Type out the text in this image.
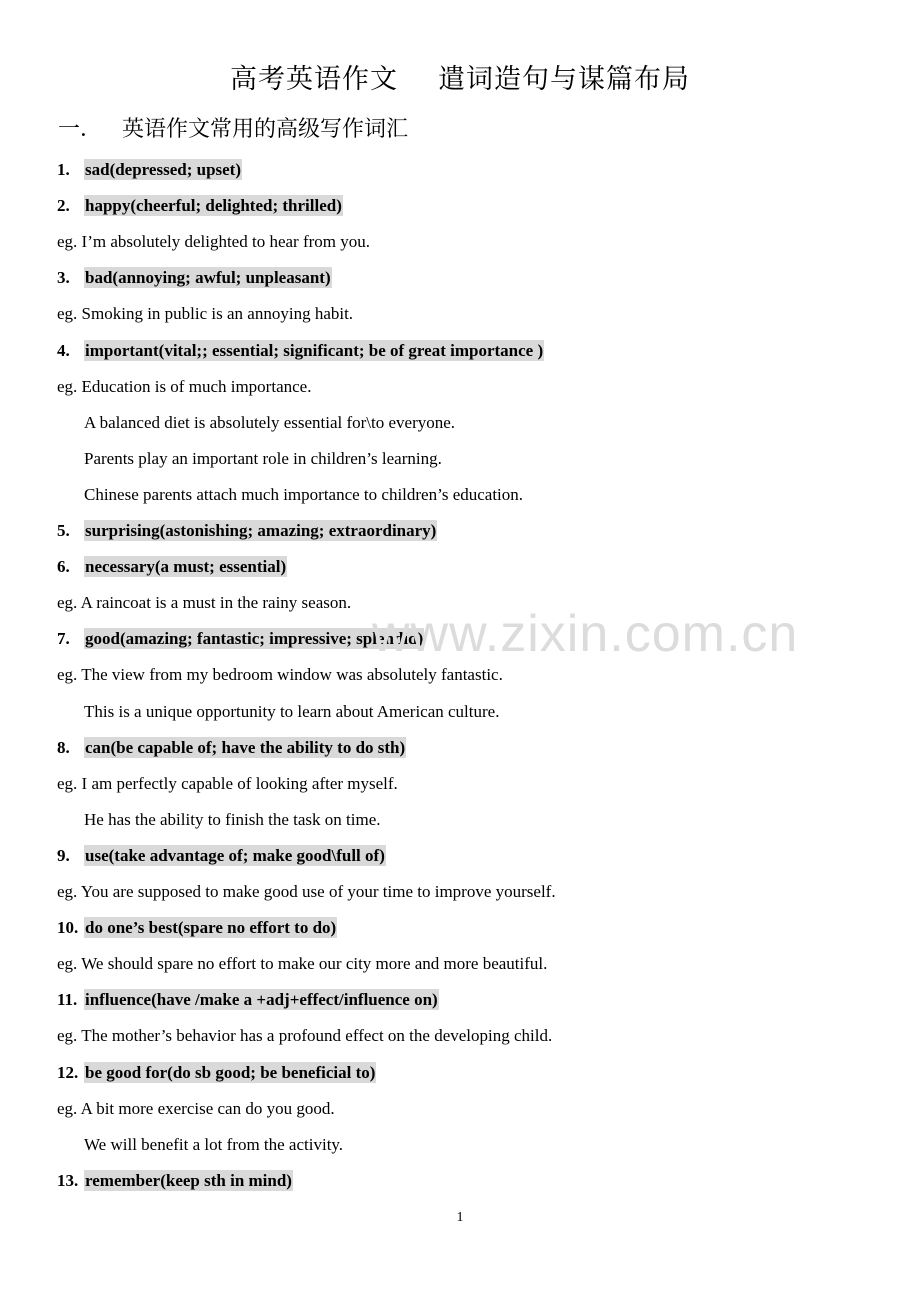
高考英语作文 遣词造句与谋篇布局
一． 英语作文常用的高级写作词汇
1. sad(depressed; upset)
2. happy(cheerful; delighted; thrilled)
eg. I’m absolutely delighted to hear from you.
3. bad(annoying; awful; unpleasant)
eg. Smoking in public is an annoying habit.
4. important(vital;; essential; significant; be of great importance )
eg. Education is of much importance.
A balanced diet is absolutely essential for\to everyone.
Parents play an important role in children’s learning.
Chinese parents attach much importance to children’s education.
5. surprising(astonishing; amazing; extraordinary)
6. necessary(a must; essential)
eg. A raincoat is a must in the rainy season.
7. good(amazing; fantastic; impressive; splendid)
eg. The view from my bedroom window was absolutely fantastic.
This is a unique opportunity to learn about American culture.
8. can(be capable of; have the ability to do sth)
eg. I am perfectly capable of looking after myself.
He has the ability to finish the task on time.
9. use(take advantage of; make good\full of)
eg. You are supposed to make good use of your time to improve yourself.
10. do one’s best(spare no effort to do)
eg. We should spare no effort to make our city more and more beautiful.
11. influence(have /make a +adj+effect/influence on)
eg. The mother’s behavior has a profound effect on the developing child.
12. be good for(do sb good; be beneficial to)
eg. A bit more exercise can do you good.
We will benefit a lot from the activity.
13. remember(keep sth in mind)
www.zixin.com.cn
1
